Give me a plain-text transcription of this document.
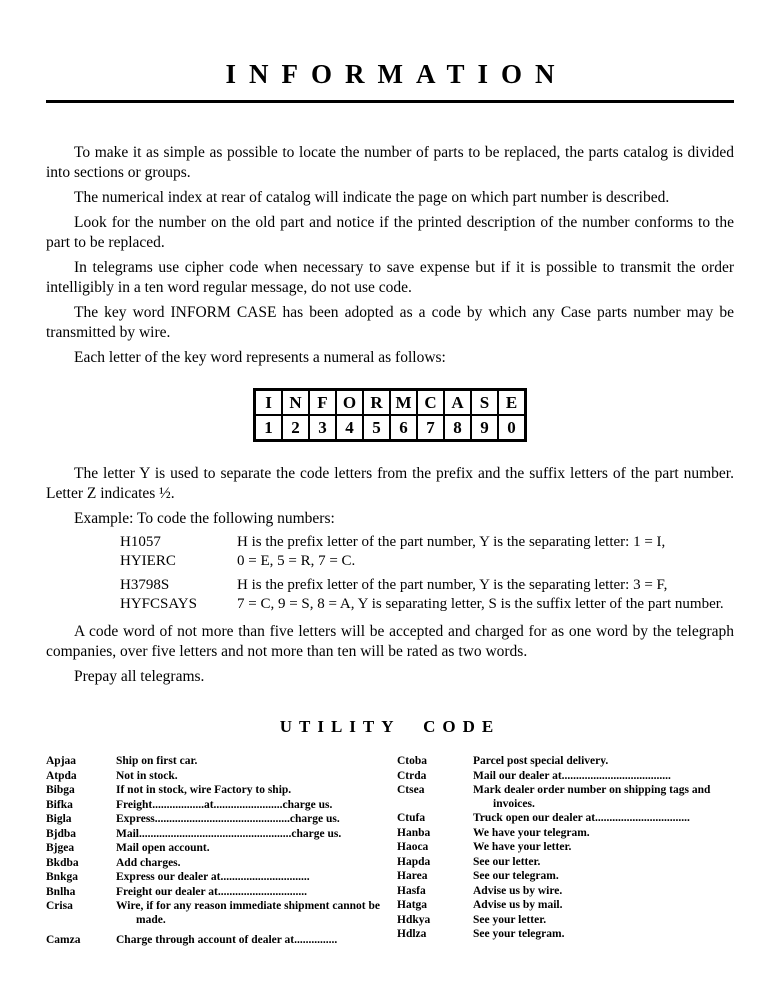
INFORMATION

To make it as simple as possible to locate the number of parts to be replaced, the parts catalog is divided into sections or groups.

The numerical index at rear of catalog will indicate the page on which part number is described.

Look for the number on the old part and notice if the printed description of the number conforms to the part to be replaced.

In telegrams use cipher code when necessary to save expense but if it is possible to transmit the order intelligibly in a ten word regular message, do not use code.

The key word INFORM CASE has been adopted as a code by which any Case parts number may be transmitted by wire.

Each letter of the key word represents a numeral as follows:

I	N	F	O	R	M	C	A	S	E
1	2	3	4	5	6	7	8	9	0

The letter Y is used to separate the code letters from the prefix and the suffix letters of the part number. Letter Z indicates ½.

Example: To code the following numbers:

H1057
HYIERC
H is the prefix letter of the part number, Y is the separating letter: 1 = I,
0 = E, 5 = R, 7 = C.
H3798S
HYFCSAYS
H is the prefix letter of the part number, Y is the separating letter: 3 = F,
7 = C, 9 = S, 8 = A, Y is separating letter, S is the suffix letter of the part number.

A code word of not more than five letters will be accepted and charged for as one word by the telegraph companies, over five letters and not more than ten will be rated as two words.

Prepay all telegrams.

UTILITY CODE
Apjaa	Ship on first car.
Atpda	Not in stock.
Bibga	If not in stock, wire Factory to ship.
Bifka	Freight..................at........................charge us.
Bigla	Express...............................................charge us.
Bjdba	Mail.....................................................charge us.
Bjgea	Mail open account.
Bkdba	Add charges.
Bnkga	Express our dealer at...............................
Bnlha	Freight our dealer at...............................
Crisa	Wire, if for any reason immediate shipment cannot be made.
Camza	Charge through account of dealer at...............
Ctoba	Parcel post special delivery.
Ctrda	Mail our dealer at......................................
Ctsea	Mark dealer order number on shipping tags and invoices.
Ctufa	Truck open our dealer at.................................
Hanba	We have your telegram.
Haoca	We have your letter.
Hapda	See our letter.
Harea	See our telegram.
Hasfa	Advise us by wire.
Hatga	Advise us by mail.
Hdkya	See your letter.
Hdlza	See your telegram.
